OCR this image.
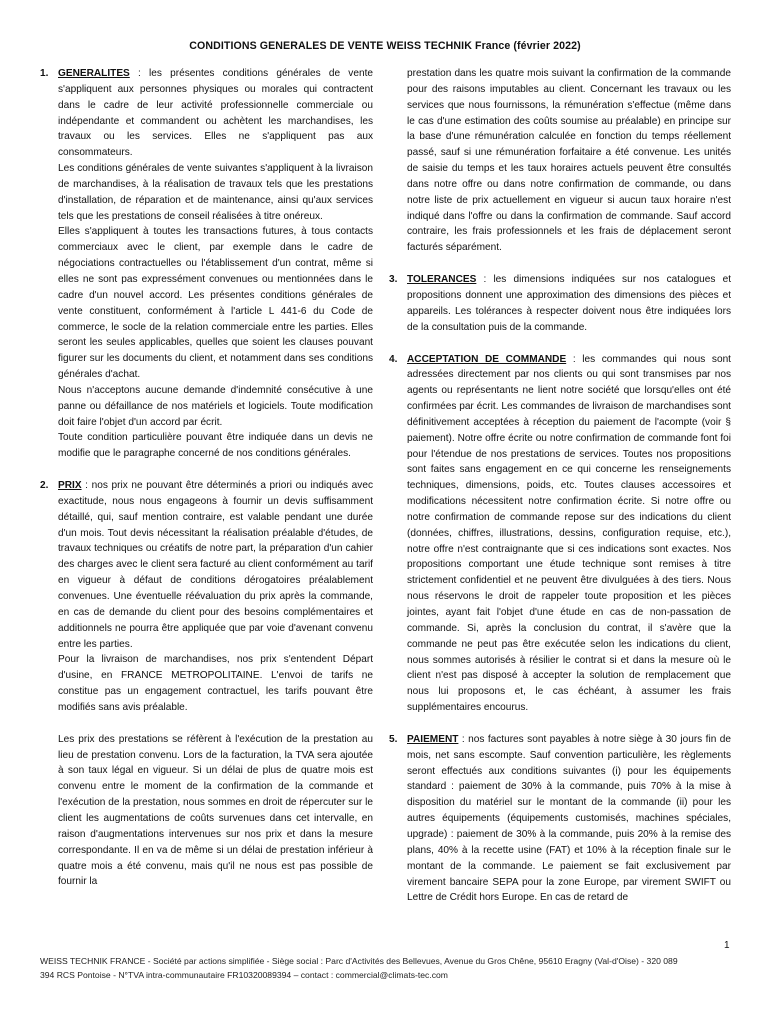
CONDITIONS GENERALES DE VENTE WEISS TECHNIK France (février 2022)
1. GENERALITES : les présentes conditions générales de vente s'appliquent aux personnes physiques ou morales qui contractent dans le cadre de leur activité professionnelle commerciale ou indépendante et commandent ou achètent les marchandises, les travaux ou les services. Elles ne s'appliquent pas aux consommateurs.

Les conditions générales de vente suivantes s'appliquent à la livraison de marchandises, à la réalisation de travaux tels que les prestations d'installation, de réparation et de maintenance, ainsi qu'aux services tels que les prestations de conseil réalisées à titre onéreux.

Elles s'appliquent à toutes les transactions futures, à tous contacts commerciaux avec le client, par exemple dans le cadre de négociations contractuelles ou l'établissement d'un contrat, même si elles ne sont pas expressément convenues ou mentionnées dans le cadre d'un nouvel accord. Les présentes conditions générales de vente constituent, conformément à l'article L 441-6 du Code de commerce, le socle de la relation commerciale entre les parties. Elles seront les seules applicables, quelles que soient les clauses pouvant figurer sur les documents du client, et notamment dans ses conditions générales d'achat.

Nous n'acceptons aucune demande d'indemnité consécutive à une panne ou défaillance de nos matériels et logiciels. Toute modification doit faire l'objet d'un accord par écrit.

Toute condition particulière pouvant être indiquée dans un devis ne modifie que le paragraphe concerné de nos conditions générales.

2. PRIX : nos prix ne pouvant être déterminés a priori ou indiqués avec exactitude, nous nous engageons à fournir un devis suffisamment détaillé, qui, sauf mention contraire, est valable pendant une durée d'un mois. Tout devis nécessitant la réalisation préalable d'études, de travaux techniques ou créatifs de notre part, la préparation d'un cahier des charges avec le client sera facturé au client conformément au tarif en vigueur à défaut de conditions dérogatoires préalablement convenues. Une éventuelle réévaluation du prix après la commande, en cas de demande du client pour des besoins complémentaires et additionnels ne pourra être appliquée que par voie d'avenant convenu entre les parties.

Pour la livraison de marchandises, nos prix s'entendent Départ d'usine, en FRANCE METROPOLITAINE. L'envoi de tarifs ne constitue pas un engagement contractuel, les tarifs pouvant être modifiés sans avis préalable.

Les prix des prestations se réfèrent à l'exécution de la prestation au lieu de prestation convenu. Lors de la facturation, la TVA sera ajoutée à son taux légal en vigueur. Si un délai de plus de quatre mois est convenu entre le moment de la confirmation de la commande et l'exécution de la prestation, nous sommes en droit de répercuter sur le client les augmentations de coûts survenues dans cet intervalle, en raison d'augmentations intervenues sur nos prix et dans la mesure correspondante. Il en va de même si un délai de prestation inférieur à quatre mois a été convenu, mais qu'il ne nous est pas possible de fournir la

prestation dans les quatre mois suivant la confirmation de la commande pour des raisons imputables au client. Concernant les travaux ou les services que nous fournissons, la rémunération s'effectue (même dans le cas d'une estimation des coûts soumise au préalable) en principe sur la base d'une rémunération calculée en fonction du temps réellement passé, sauf si une rémunération forfaitaire a été convenue. Les unités de saisie du temps et les taux horaires actuels peuvent être consultés dans notre offre ou dans notre confirmation de commande, ou dans notre liste de prix actuellement en vigueur si aucun taux horaire n'est indiqué dans l'offre ou dans la confirmation de commande. Sauf accord contraire, les frais professionnels et les frais de déplacement seront facturés séparément.

3. TOLERANCES : les dimensions indiquées sur nos catalogues et propositions donnent une approximation des dimensions des pièces et appareils. Les tolérances à respecter doivent nous être indiquées lors de la consultation puis de la commande.

4. ACCEPTATION DE COMMANDE : les commandes qui nous sont adressées directement par nos clients ou qui sont transmises par nos agents ou représentants ne lient notre société que lorsqu'elles ont été confirmées par écrit. Les commandes de livraison de marchandises sont définitivement acceptées à réception du paiement de l'acompte (voir § paiement). Notre offre écrite ou notre confirmation de commande font foi pour l'étendue de nos prestations de services. Toutes nos propositions sont faites sans engagement en ce qui concerne les renseignements techniques, dimensions, poids, etc. Toutes clauses accessoires et modifications nécessitent notre confirmation écrite. Si notre offre ou notre confirmation de commande repose sur des indications du client (données, chiffres, illustrations, dessins, configuration requise, etc.), notre offre n'est contraignante que si ces indications sont exactes. Nos propositions comportant une étude technique sont remises à titre strictement confidentiel et ne peuvent être divulguées à des tiers. Nous nous réservons le droit de rappeler toute proposition et les pièces jointes, ayant fait l'objet d'une étude en cas de non-passation de commande. Si, après la conclusion du contrat, il s'avère que la commande ne peut pas être exécutée selon les indications du client, nous sommes autorisés à résilier le contrat si et dans la mesure où le client n'est pas disposé à accepter la solution de remplacement que nous lui proposons et, le cas échéant, à assumer les frais supplémentaires encourus.

5. PAIEMENT : nos factures sont payables à notre siège à 30 jours fin de mois, net sans escompte. Sauf convention particulière, les règlements seront effectués aux conditions suivantes (i) pour les équipements standard : paiement de 30% à la commande, puis 70% à la mise à disposition du matériel sur le montant de la commande (ii) pour les autres équipements (équipements customisés, machines spéciales, upgrade) : paiement de 30% à la commande, puis 20% à la remise des plans, 40% à la recette usine (FAT) et 10% à la réception finale sur le montant de la commande. Le paiement se fait exclusivement par virement bancaire SEPA pour la zone Europe, par virement SWIFT ou Lettre de Crédit hors Europe. En cas de retard de

1
WEISS TECHNIK FRANCE - Société par actions simplifiée - Siège social : Parc d'Activités des Bellevues, Avenue du Gros Chêne, 95610 Eragny (Val-d'Oise) - 320 089
394 RCS Pontoise - N°TVA intra-communautaire FR10320089394 – contact : commercial@climats-tec.com
